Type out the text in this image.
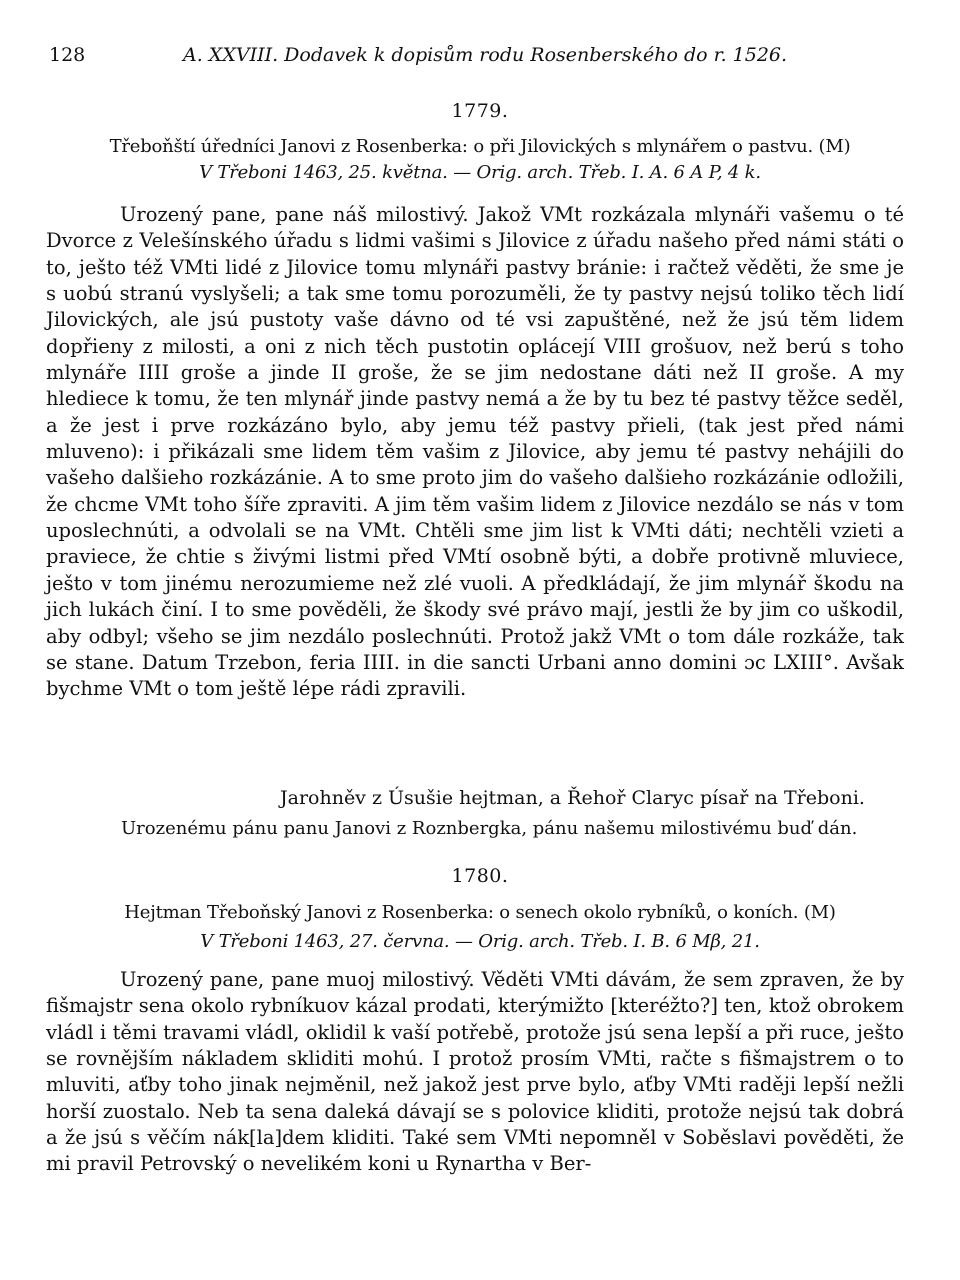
128	A. XXVIII. Dodavek k dopisům rodu Rosenberského do r. 1526.
1779.
Třeboňští úředníci Janovi z Rosenberka: o při Jilovických s mlynářem o pastvu. (M)
V Třeboni 1463, 25. května. — Orig. arch. Třeb. I. A. 6 A P, 4 k.

Urozený pane, pane náš milostivý. Jakož VMt rozkázala mlynáři vašemu o té Dvorce z Velešínského úřadu s lidmi vašimi s Jilovice z úřadu našeho před námi státi o to, ješto též VMti lidé z Jilovice tomu mlynáři pastvy bránie: i račtež věděti, že sme je s uobú stranú vyslyšeli; a tak sme tomu porozuměli, že ty pastvy nejsú toliko těch lidí Jilovických, ale jsú pustoty vaše dávno od té vsi zapuštěné, než že jsú těm lidem dopřieny z milosti, a oni z nich těch pustotin oplácejí VIII grošuov, než berú s toho mlynáře IIII groše a jinde II groše, že se jim nedostane dáti než II groše. A my hlediece k tomu, že ten mlynář jinde pastvy nemá a že by tu bez té pastvy těžce seděl, a že jest i prve rozkázáno bylo, aby jemu též pastvy přieli, (tak jest před námi mluveno): i přikázali sme lidem těm vašim z Jilovice, aby jemu té pastvy nehájili do vašeho dalšieho rozkázánie. A to sme proto jim do vašeho dalšieho rozkázánie odložili, že chcme VMt toho šíře zpraviti. A jim těm vašim lidem z Jilovice nezdálo se nás v tom uposlechnúti, a odvolali se na VMt. Chtěli sme jim list k VMti dáti; nechtěli vzieti a praviece, že chtie s živými listmi před VMtí osobně býti, a dobře protivně mluviece, ješto v tom jinému nerozumieme než zlé vuoli. A předkládají, že jim mlynář škodu na jich lukách činí. I to sme pověděli, že škody své právo mají, jestli že by jim co uškodil, aby odbyl; všeho se jim nezdálo poslechnúti. Protož jakž VMt o tom dále rozkáže, tak se stane. Datum Trzebon, feria IIII. in die sancti Urbani anno domini ɔc LXIII°. Avšak bychme VMt o tom ještě lépe rádi zpravili.

Jarohněv z Úsušie hejtman, a Řehoř Claryc písař na Třeboni.
Urozenému pánu panu Janovi z Roznbergka, pánu našemu milostivému buď dán.
1780.
Hejtman Třeboňský Janovi z Rosenberka: o senech okolo rybníků, o koních. (M)
V Třeboni 1463, 27. června. — Orig. arch. Třeb. I. B. 6 Mβ, 21.

Urozený pane, pane muoj milostivý. Věděti VMti dávám, že sem zpraven, že by fišmajstr sena okolo rybníkuov kázal prodati, kterýmižto [kteréžto?] ten, ktož obrokem vládl i těmi travami vládl, oklidil k vaší potřebě, protože jsú sena lepší a při ruce, ješto se rovnějším nákladem skliditi mohú. I protož prosím VMti, račte s fišmajstrem o to mluviti, aťby toho jinak nejměnil, než jakož jest prve bylo, aťby VMti raději lepší nežli horší zuostalo. Neb ta sena daleká dávají se s polovice kliditi, protože nejsú tak dobrá a že jsú s věčím nák[la]dem kliditi. Také sem VMti nepomněl v Soběslavi pověděti, že mi pravil Petrovský o nevelikém koni u Rynartha v Ber-
